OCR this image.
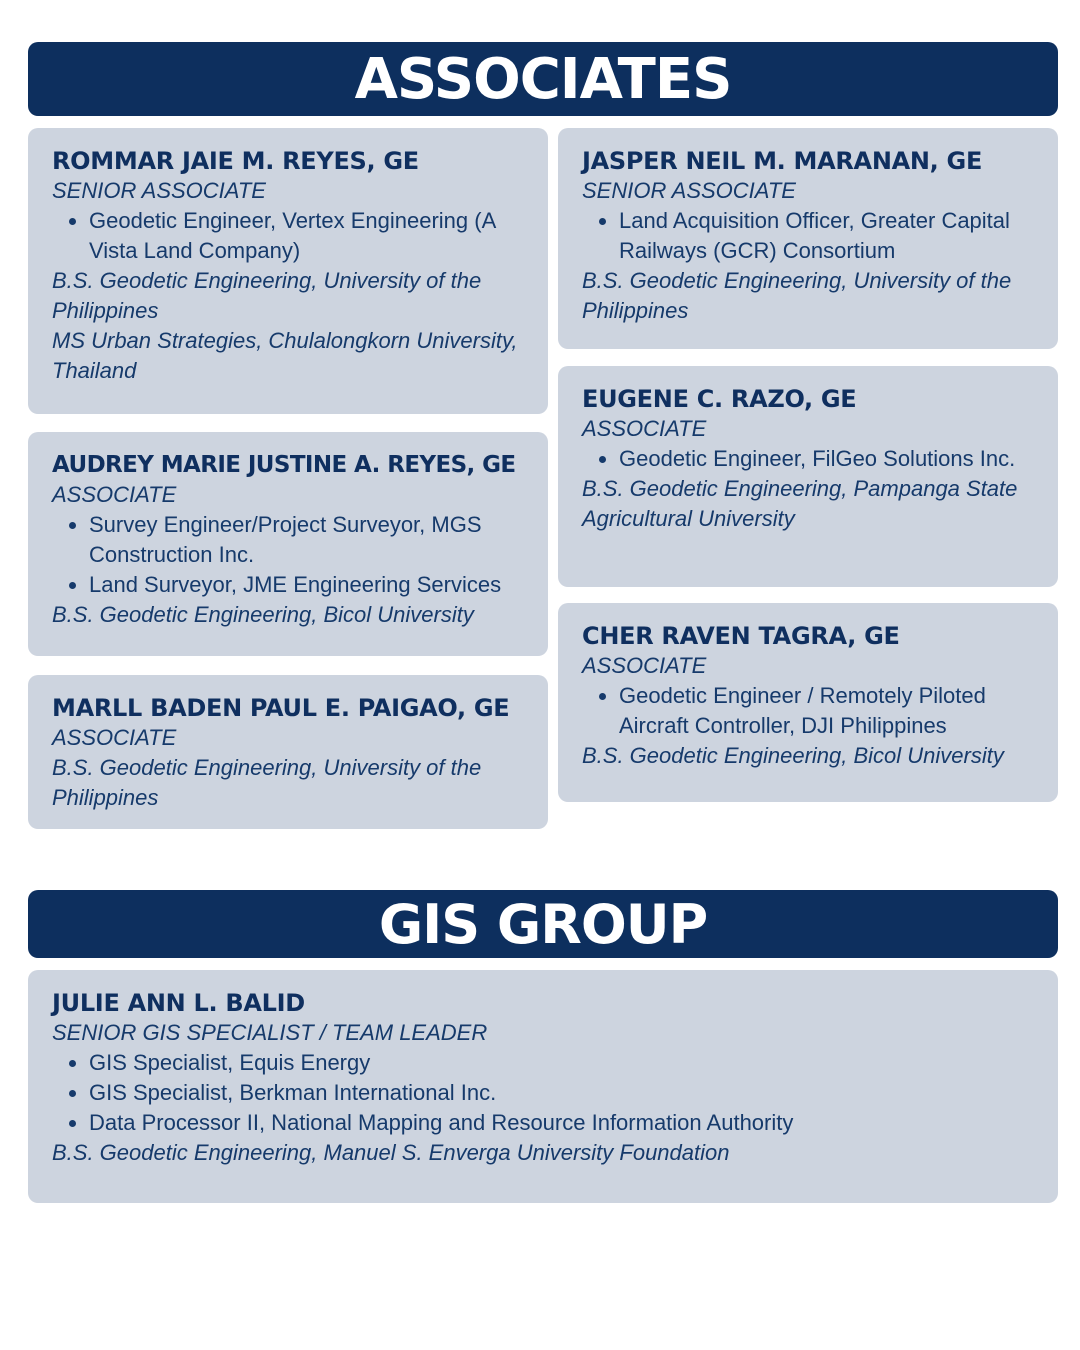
ASSOCIATES
ROMMAR JAIE M. REYES, GE
SENIOR ASSOCIATE
• Geodetic Engineer, Vertex Engineering (A Vista Land Company)
B.S. Geodetic Engineering, University of the Philippines
MS Urban Strategies, Chulalongkorn University, Thailand
JASPER NEIL M. MARANAN, GE
SENIOR ASSOCIATE
• Land Acquisition Officer, Greater Capital Railways (GCR) Consortium
B.S. Geodetic Engineering, University of the Philippines
EUGENE C. RAZO, GE
ASSOCIATE
• Geodetic Engineer, FilGeo Solutions Inc.
B.S. Geodetic Engineering, Pampanga State Agricultural University
AUDREY MARIE JUSTINE A. REYES, GE
ASSOCIATE
• Survey Engineer/Project Surveyor, MGS Construction Inc.
• Land Surveyor, JME Engineering Services
B.S. Geodetic Engineering, Bicol University
CHER RAVEN TAGRA, GE
ASSOCIATE
• Geodetic Engineer / Remotely Piloted Aircraft Controller, DJI Philippines
B.S. Geodetic Engineering, Bicol University
MARLL BADEN PAUL E. PAIGAO, GE
ASSOCIATE
B.S. Geodetic Engineering, University of the Philippines
GIS GROUP
JULIE ANN L. BALID
SENIOR GIS SPECIALIST / TEAM LEADER
• GIS Specialist, Equis Energy
• GIS Specialist, Berkman International Inc.
• Data Processor II, National Mapping and Resource Information Authority
B.S. Geodetic Engineering, Manuel S. Enverga University Foundation
